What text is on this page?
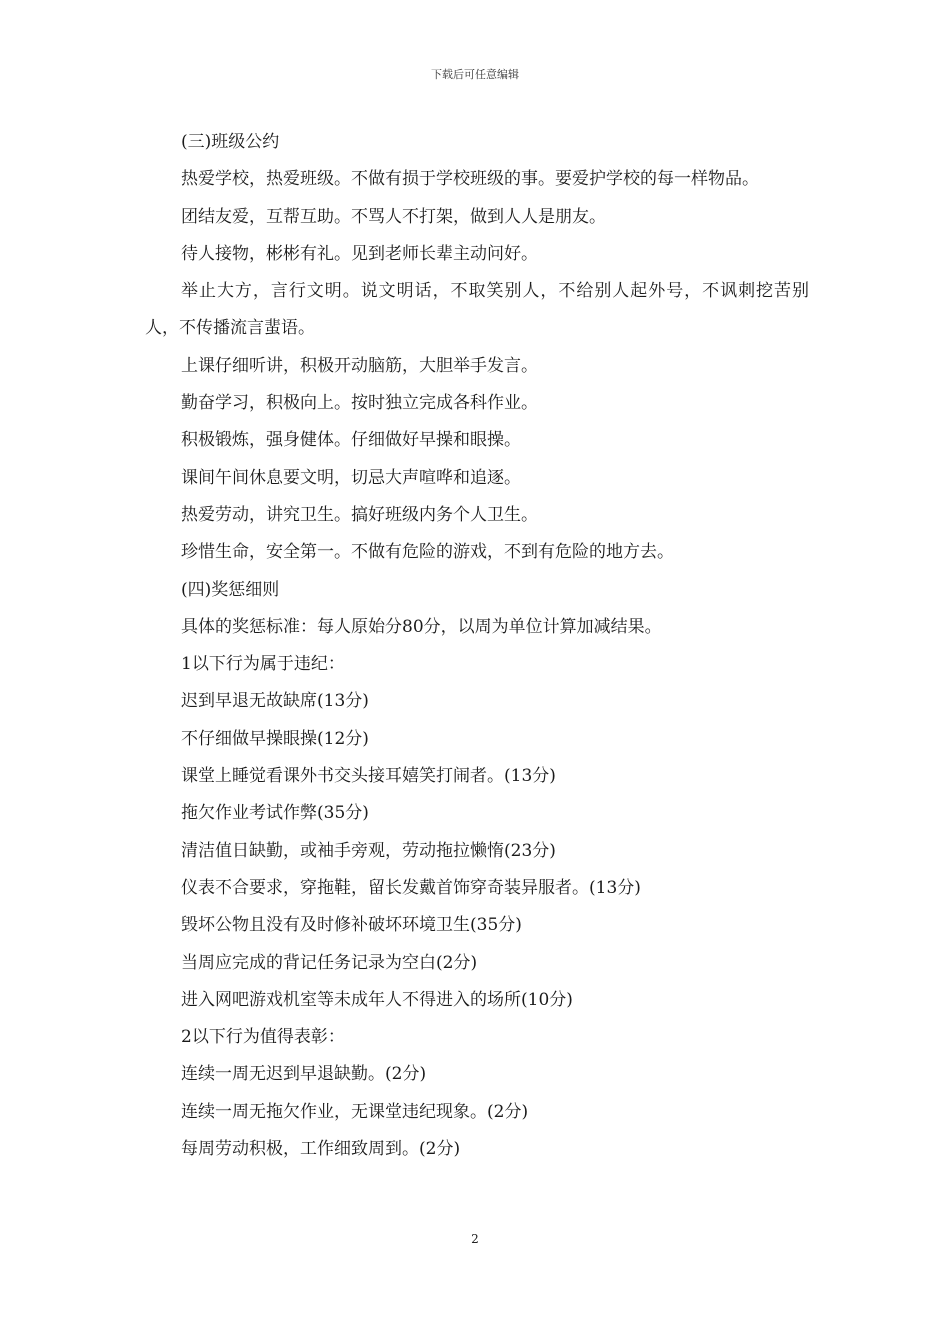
下载后可任意编辑

(三)班级公约

热爱学校，热爱班级。不做有损于学校班级的事。要爱护学校的每一样物品。

团结友爱，互帮互助。不骂人不打架，做到人人是朋友。

待人接物，彬彬有礼。见到老师长辈主动问好。

举止大方，言行文明。说文明话，不取笑别人，不给别人起外号，不讽刺挖苦别人，不传播流言蜚语。

上课仔细听讲，积极开动脑筋，大胆举手发言。

勤奋学习，积极向上。按时独立完成各科作业。

积极锻炼，强身健体。仔细做好早操和眼操。

课间午间休息要文明，切忌大声喧哗和追逐。

热爱劳动，讲究卫生。搞好班级内务个人卫生。

珍惜生命，安全第一。不做有危险的游戏，不到有危险的地方去。

(四)奖惩细则

具体的奖惩标准：每人原始分80分，以周为单位计算加减结果。

1以下行为属于违纪：

迟到早退无故缺席(13分)

不仔细做早操眼操(12分)

课堂上睡觉看课外书交头接耳嬉笑打闹者。(13分)

拖欠作业考试作弊(35分)

清洁值日缺勤，或袖手旁观，劳动拖拉懒惰(23分)

仪表不合要求，穿拖鞋，留长发戴首饰穿奇装异服者。(13分)

毁坏公物且没有及时修补破坏环境卫生(35分)

当周应完成的背记任务记录为空白(2分)

进入网吧游戏机室等未成年人不得进入的场所(10分)

2以下行为值得表彰：

连续一周无迟到早退缺勤。(2分)

连续一周无拖欠作业，无课堂违纪现象。(2分)

每周劳动积极，工作细致周到。(2分)

2
